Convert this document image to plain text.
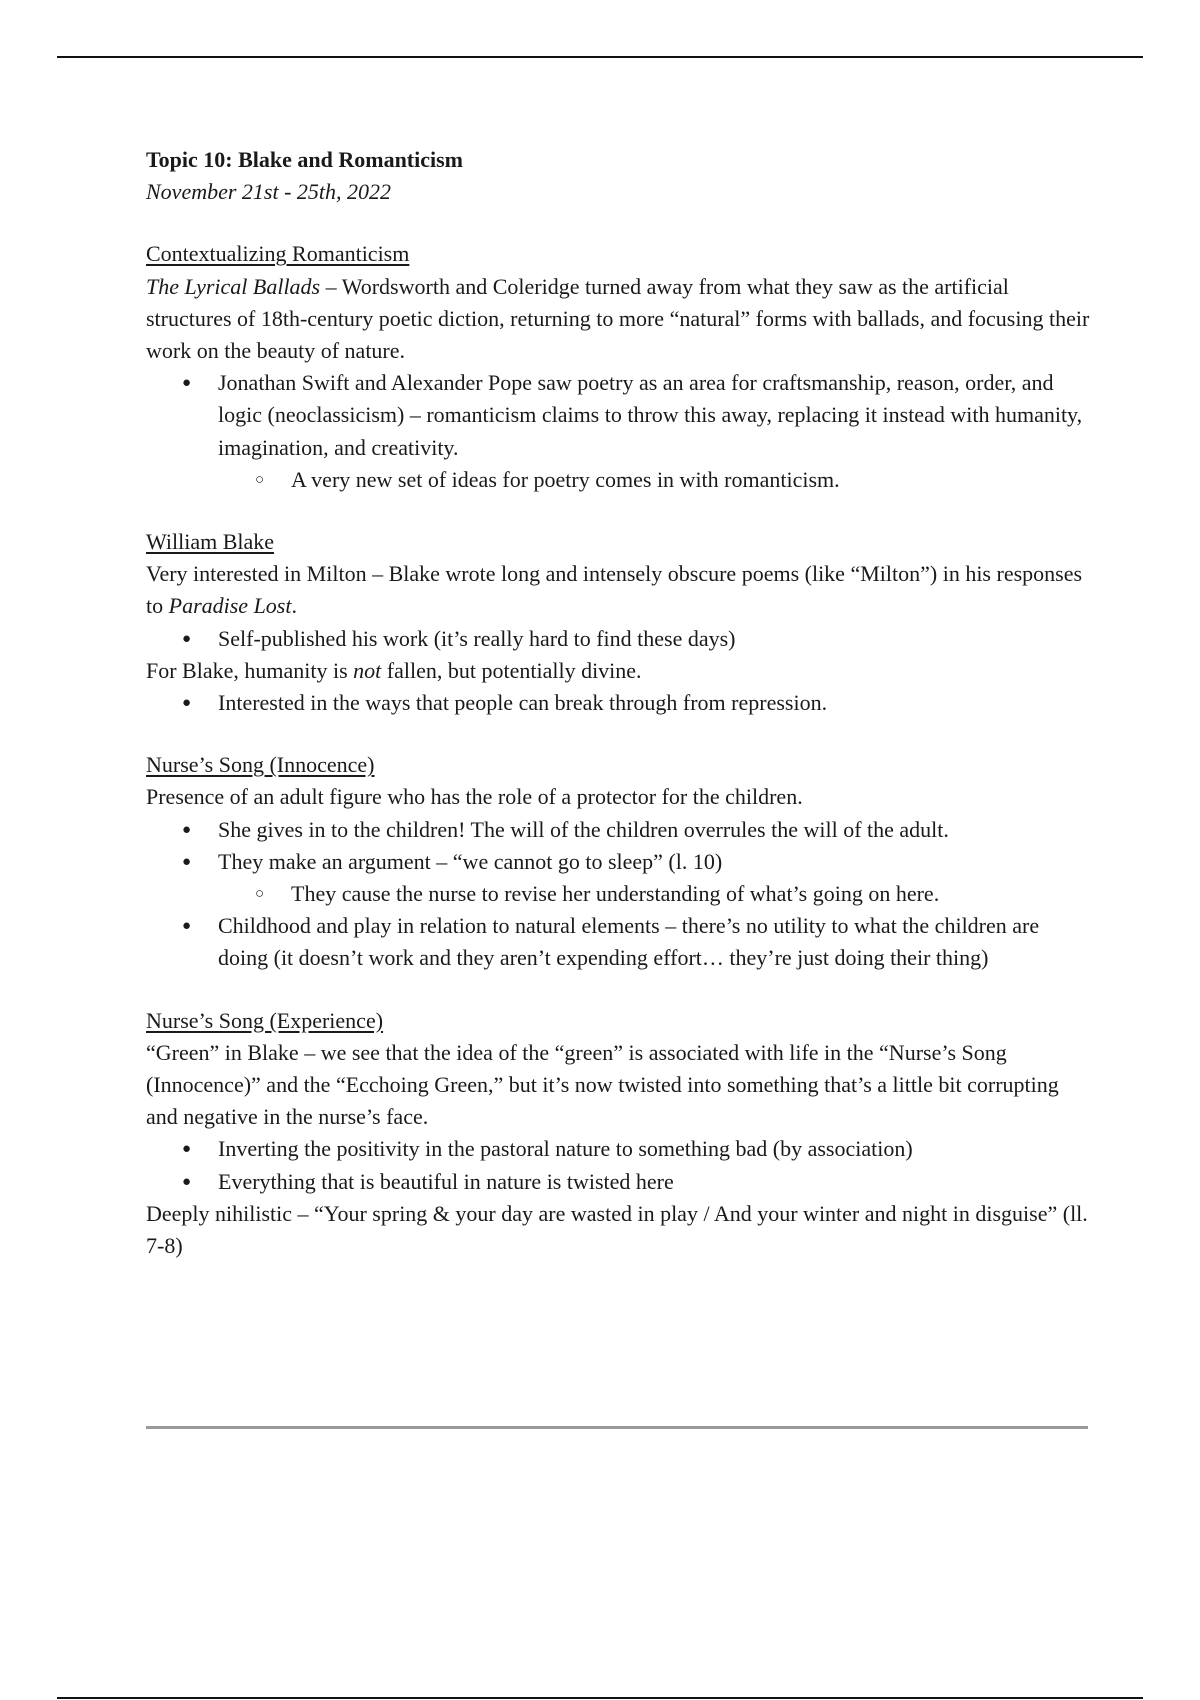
Topic 10: Blake and Romanticism

November 21st - 25th, 2022

Contextualizing Romanticism

The Lyrical Ballads – Wordsworth and Coleridge turned away from what they saw as the artificial structures of 18th-century poetic diction, returning to more “natural” forms with ballads, and focusing their work on the beauty of nature.

● Jonathan Swift and Alexander Pope saw poetry as an area for craftsmanship, reason, order, and logic (neoclassicism) – romanticism claims to throw this away, replacing it instead with humanity, imagination, and creativity.
○ A very new set of ideas for poetry comes in with romanticism.

William Blake

Very interested in Milton – Blake wrote long and intensely obscure poems (like “Milton”) in his responses to Paradise Lost.

● Self-published his work (it’s really hard to find these days)

For Blake, humanity is not fallen, but potentially divine.

● Interested in the ways that people can break through from repression.

Nurse’s Song (Innocence)

Presence of an adult figure who has the role of a protector for the children.

● She gives in to the children! The will of the children overrules the will of the adult.
● They make an argument – “we cannot go to sleep” (l. 10)
○ They cause the nurse to revise her understanding of what’s going on here.
● Childhood and play in relation to natural elements – there’s no utility to what the children are doing (it doesn’t work and they aren’t expending effort… they’re just doing their thing)

Nurse’s Song (Experience)

“Green” in Blake – we see that the idea of the “green” is associated with life in the “Nurse’s Song (Innocence)” and the “Ecchoing Green,” but it’s now twisted into something that’s a little bit corrupting and negative in the nurse’s face.

● Inverting the positivity in the pastoral nature to something bad (by association)
● Everything that is beautiful in nature is twisted here

Deeply nihilistic – “Your spring & your day are wasted in play / And your winter and night in disguise” (ll. 7-8)
